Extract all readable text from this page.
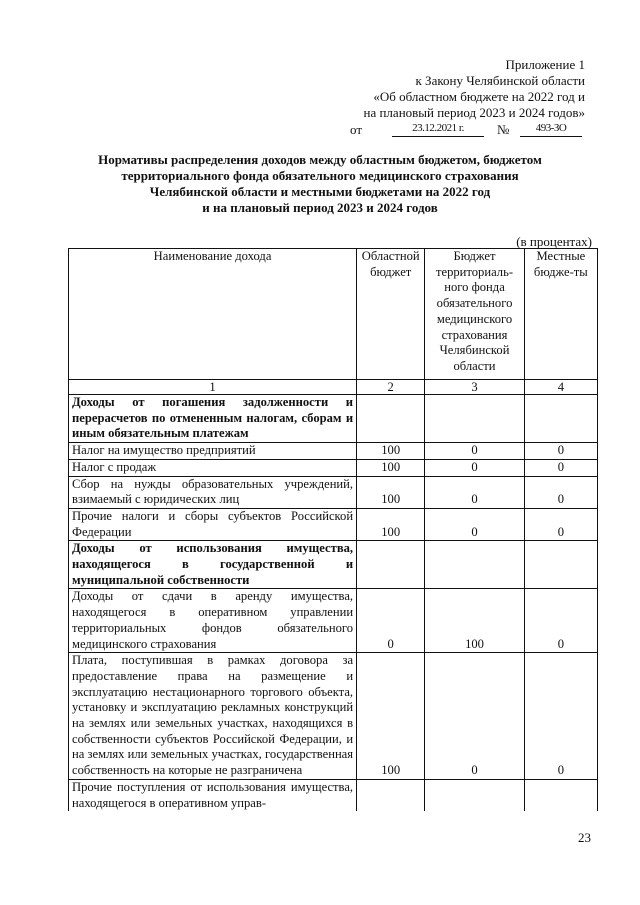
Приложение 1
к Закону Челябинской области
«Об областном бюджете на 2022 год и
на плановый период 2023 и 2024 годов»
от	23.12.2021 г.	№	493-ЗО
Нормативы распределения доходов между областным бюджетом, бюджетом
территориального фонда обязательного медицинского страхования
Челябинской области и местными бюджетами на 2022 год
и на плановый период 2023 и 2024 годов
(в процентах)
Наименование дохода	Областной бюджет	Бюджет территориаль-ного фонда обязательного медицинского страхования Челябинской области	Местные бюдже-ты
1	2	3	4
Доходы от погашения задолженности и перерасчетов по отмененным налогам, сборам и иным обязательным платежам			
Налог на имущество предприятий	100	0	0
Налог с продаж	100	0	0
Сбор на нужды образовательных учреждений, взимаемый с юридических лиц	100	0	0
Прочие налоги и сборы субъектов Российской Федерации	100	0	0
Доходы от использования имущества, находящегося в государственной и муниципальной собственности			
Доходы от сдачи в аренду имущества, находящегося в оперативном управлении территориальных фондов обязательного медицинского страхования	0	100	0
Плата, поступившая в рамках договора за предоставление права на размещение и эксплуатацию нестационарного торгового объекта, установку и эксплуатацию рекламных конструкций на землях или земельных участках, находящихся в собственности субъектов Российской Федерации, и на землях или земельных участках, государственная собственность на которые не разграничена	100	0	0
Прочие поступления от использования имущества, находящегося в оперативном управ-			
23
